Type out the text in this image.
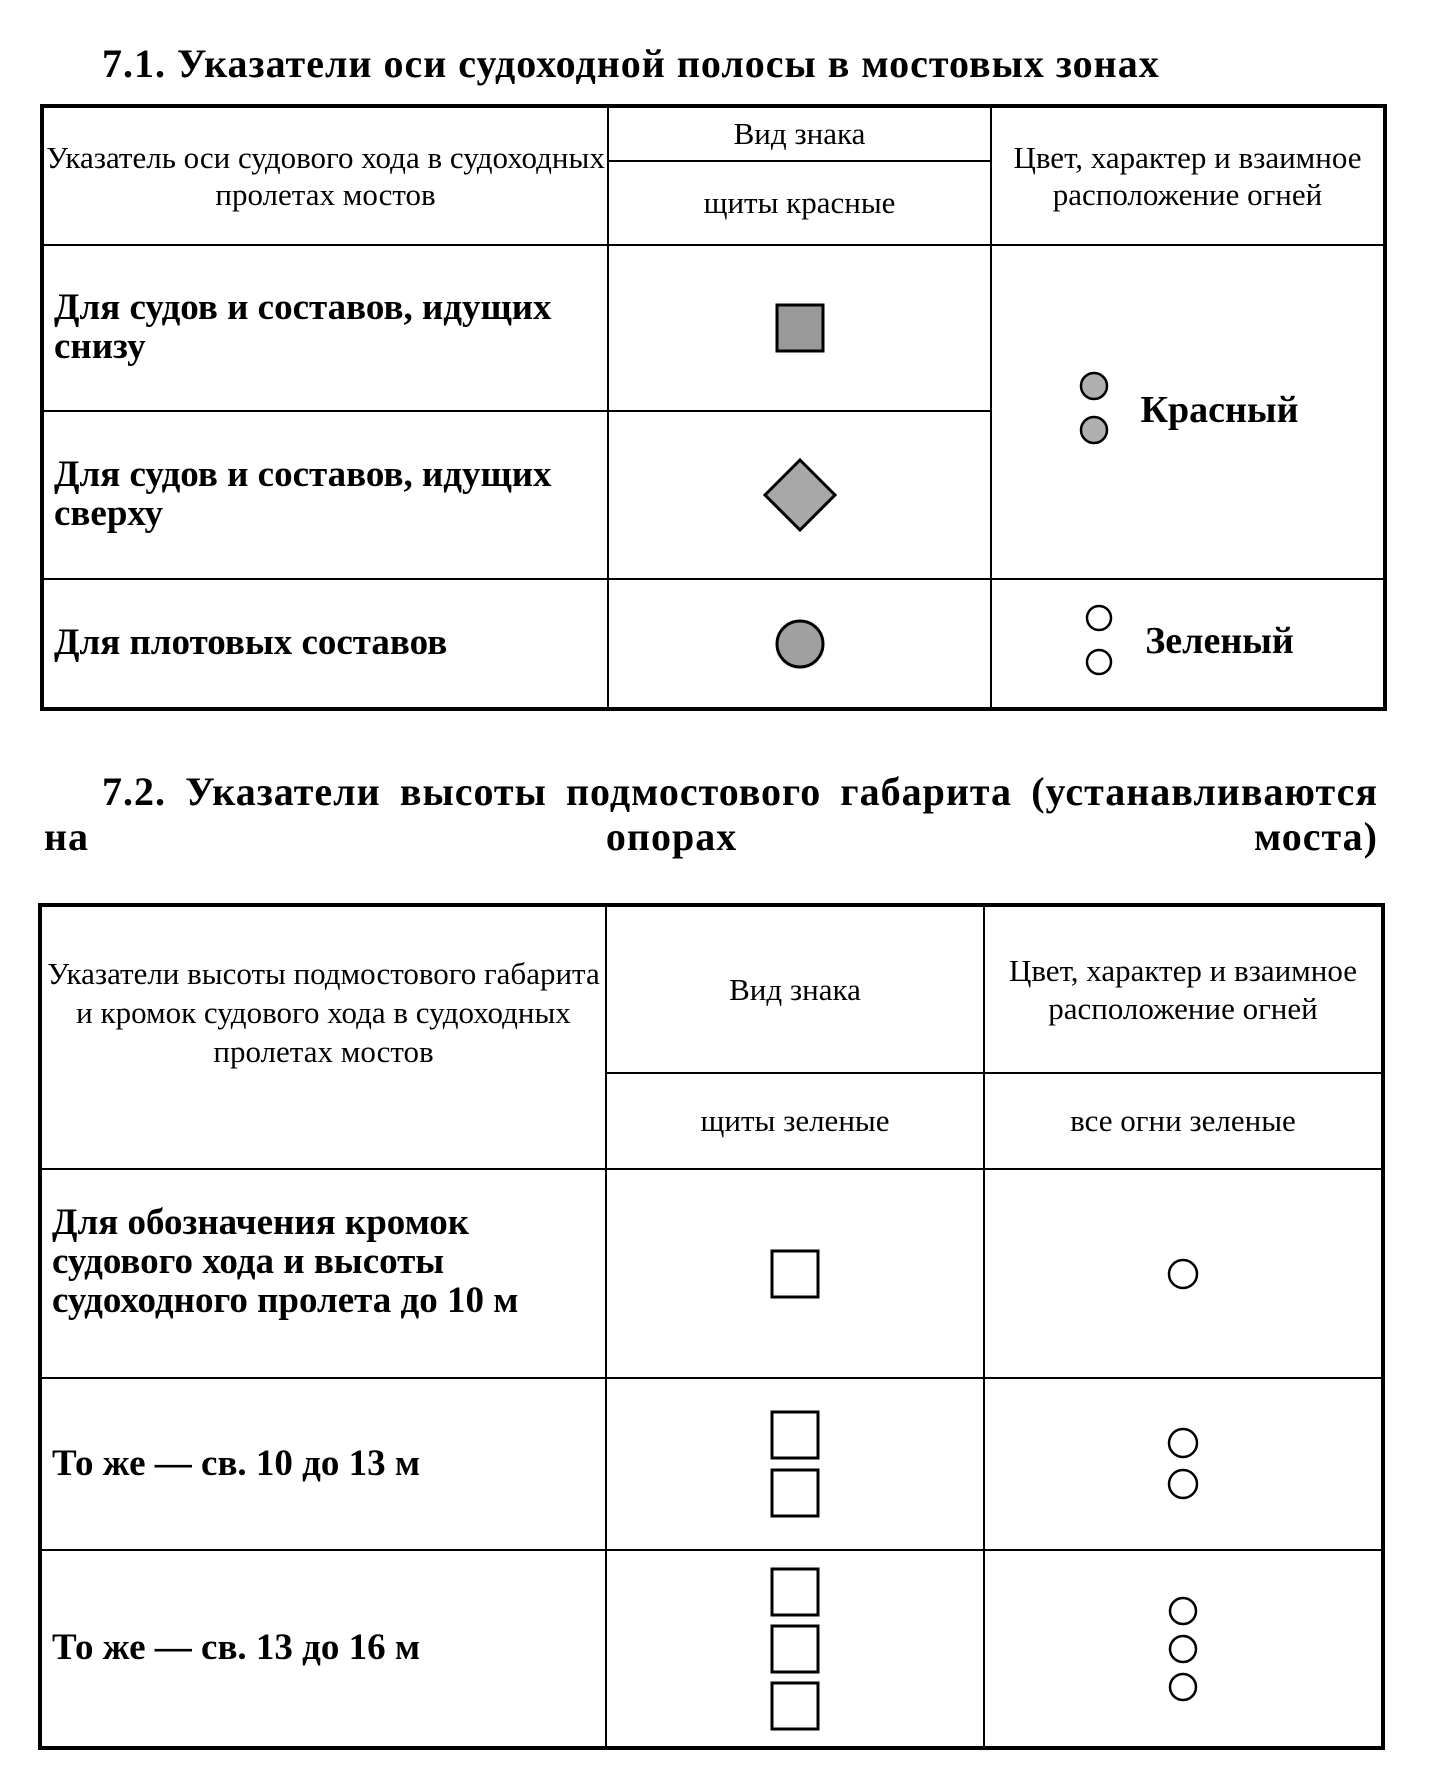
7.1. Указатели оси судоходной полосы в мостовых зонах
Указатель оси судового хода в судоходных пролетах мостов	Вид знака	Цвет, характер и взаимное расположение огней
	щиты красные	
Для судов и составов, идущих снизу		Красный

Для судов и составов, идущих сверху	

Для плотовых составов		Зеленый
7.2. Указатели высоты подмостового габарита (устанавливаются на опорах моста)
Указатели высоты подмостового габарита и кромок судового хода в судоходных пролетах мостов	Вид знака	Цвет, характер и взаимное расположение огней
	щиты зеленые	все огни зеленые
Для обозначения кромок судового хода и высоты судоходного пролета до 10 м	

То же — св. 10 до 13 м	

То же — св. 13 до 16 м	
